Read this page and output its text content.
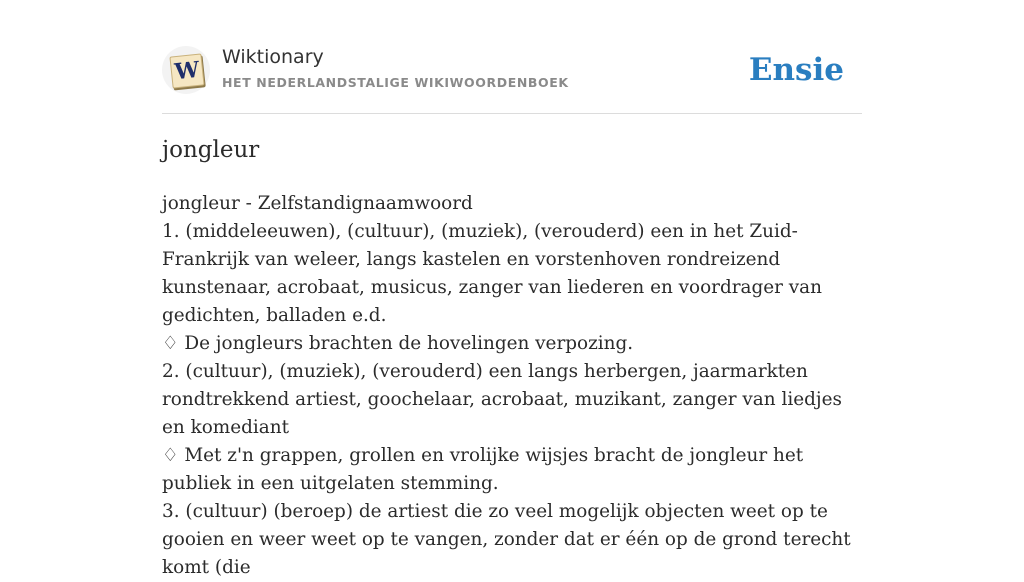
W Wiktionary
HET NEDERLANDSTALIGE WIKIWOORDENBOEK	Ensie
jongleur
jongleur - Zelfstandignaamwoord
1. (middeleeuwen), (cultuur), (muziek), (verouderd) een in het Zuid-Frankrijk van weleer, langs kastelen en vorstenhoven rondreizend kunstenaar, acrobaat, musicus, zanger van liederen en voordrager van gedichten, balladen e.d.
♢ De jongleurs brachten de hovelingen verpozing.
2. (cultuur), (muziek), (verouderd) een langs herbergen, jaarmarkten rondtrekkend artiest, goochelaar, acrobaat, muzikant, zanger van liedjes en komediant
♢ Met z'n grappen, grollen en vrolijke wijsjes bracht de jongleur het publiek in een uitgelaten stemming.
3. (cultuur) (beroep) de artiest die zo veel mogelijk objecten weet op te gooien en weer weet op te vangen, zonder dat er één op de grond terecht komt (die
